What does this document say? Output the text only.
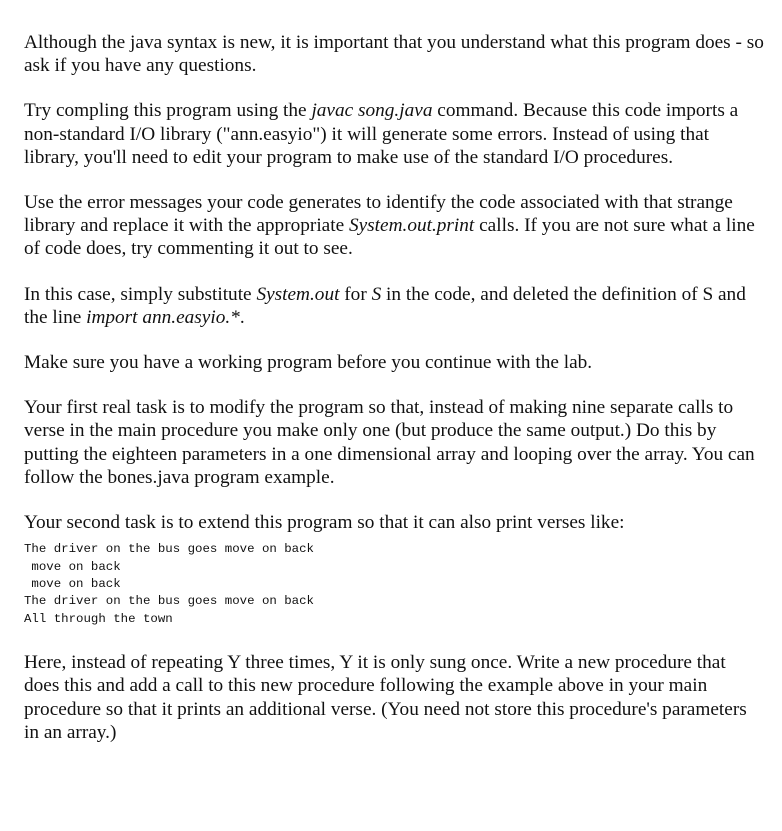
Although the java syntax is new, it is important that you understand what this program does - so ask if you have any questions.

Try compling this program using the javac song.java command. Because this code imports a non-standard I/O library ("ann.easyio") it will generate some errors. Instead of using that library, you'll need to edit your program to make use of the standard I/O procedures.

Use the error messages your code generates to identify the code associated with that strange library and replace it with the appropriate System.out.print calls. If you are not sure what a line of code does, try commenting it out to see.

In this case, simply substitute System.out for S in the code, and deleted the definition of S and the line import ann.easyio.*.

Make sure you have a working program before you continue with the lab.

Your first real task is to modify the program so that, instead of making nine separate calls to verse in the main procedure you make only one (but produce the same output.) Do this by putting the eighteen parameters in a one dimensional array and looping over the array. You can follow the bones.java program example.

Your second task is to extend this program so that it can also print verses like:

The driver on the bus goes move on back
move on back
move on back
The driver on the bus goes move on back
All through the town

Here, instead of repeating Y three times, Y it is only sung once. Write a new procedure that does this and add a call to this new procedure following the example above in your main procedure so that it prints an additional verse. (You need not store this procedure's parameters in an array.)
